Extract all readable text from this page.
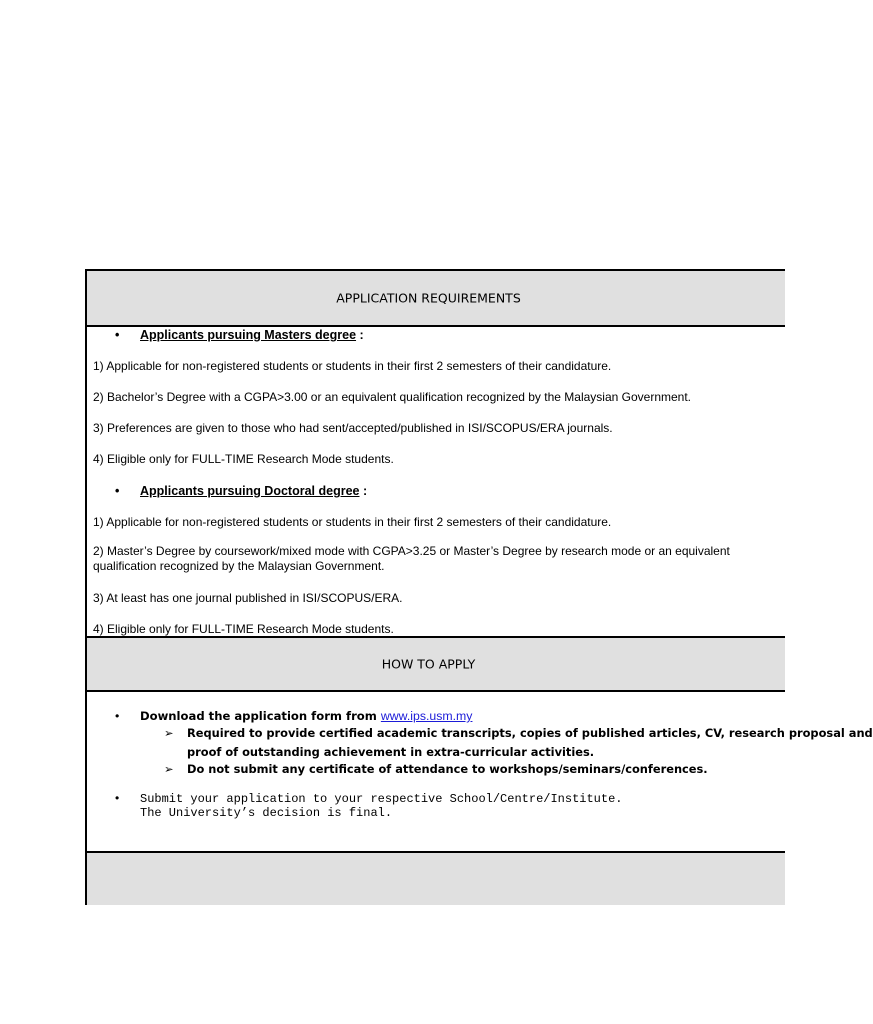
APPLICATION REQUIREMENTS

• Applicants pursuing Masters degree :
1) Applicable for non-registered students or students in their first 2 semesters of their candidature.
2) Bachelor’s Degree with a CGPA>3.00 or an equivalent qualification recognized by the Malaysian Government.
3) Preferences are given to those who had sent/accepted/published in ISI/SCOPUS/ERA journals.
4) Eligible only for FULL-TIME Research Mode students.
• Applicants pursuing Doctoral degree :
1) Applicable for non-registered students or students in their first 2 semesters of their candidature.
2) Master’s Degree by coursework/mixed mode with CGPA>3.25 or Master’s Degree by research mode or an equivalent
qualification recognized by the Malaysian Government.
3) At least has one journal published in ISI/SCOPUS/ERA.
4) Eligible only for FULL-TIME Research Mode students.

HOW TO APPLY

• Download the application form from www.ips.usm.my
➢ Required to provide certified academic transcripts, copies of published articles, CV, research proposal and
proof of outstanding achievement in extra-curricular activities.
➢ Do not submit any certificate of attendance to workshops/seminars/conferences.
• Submit your application to your respective School/Centre/Institute.
The University’s decision is final.
